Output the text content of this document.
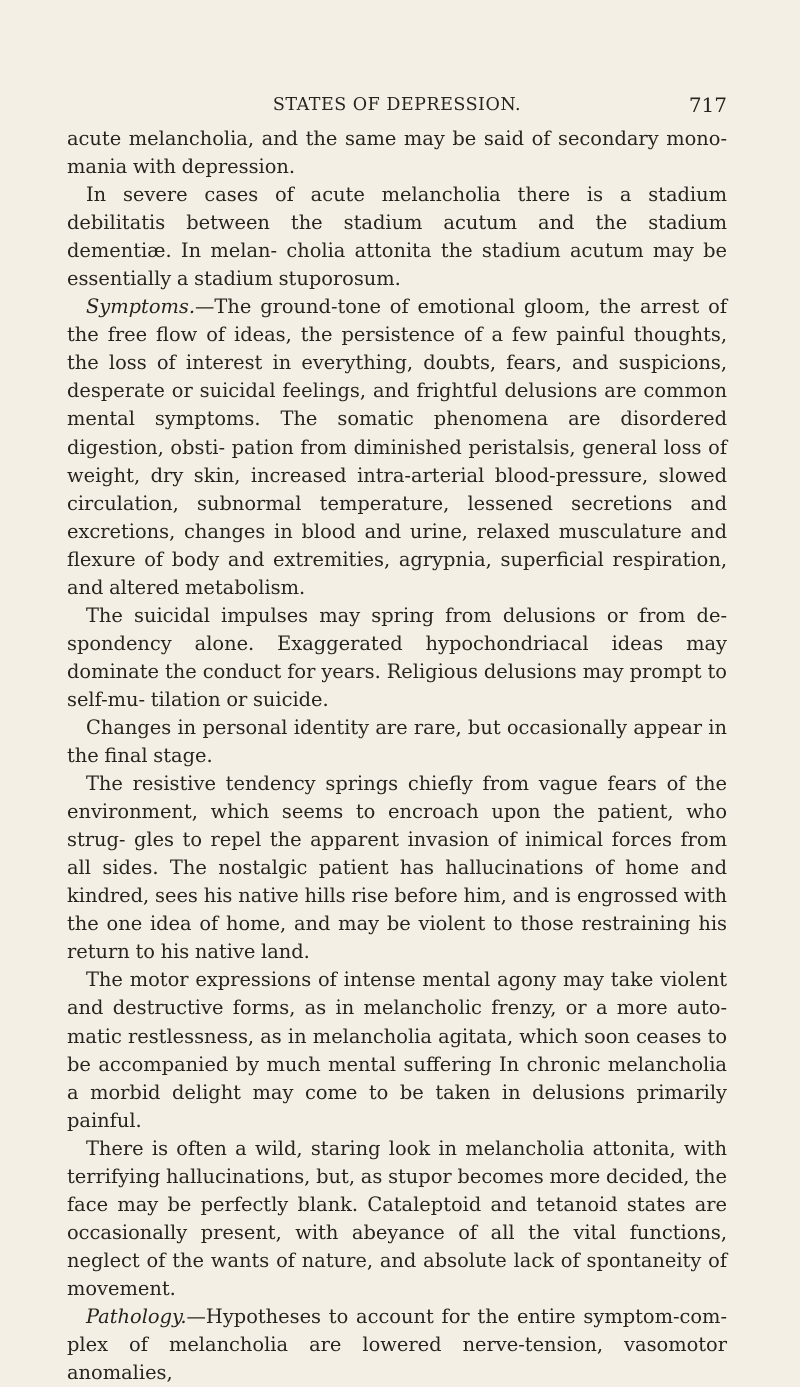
STATES OF DEPRESSION.	717

acute melancholia, and the same may be said of secondary mono- mania with depression.

In severe cases of acute melancholia there is a stadium debilitatis between the stadium acutum and the stadium dementiæ. In melan- cholia attonita the stadium acutum may be essentially a stadium stuporosum.

Symptoms.—The ground-tone of emotional gloom, the arrest of the free flow of ideas, the persistence of a few painful thoughts, the loss of interest in everything, doubts, fears, and suspicions, desperate or suicidal feelings, and frightful delusions are common mental symptoms. The somatic phenomena are disordered digestion, obsti- pation from diminished peristalsis, general loss of weight, dry skin, increased intra-arterial blood-pressure, slowed circulation, subnormal temperature, lessened secretions and excretions, changes in blood and urine, relaxed musculature and flexure of body and extremities, agrypnia, superficial respiration, and altered metabolism.

The suicidal impulses may spring from delusions or from de- spondency alone. Exaggerated hypochondriacal ideas may dominate the conduct for years. Religious delusions may prompt to self-mu- tilation or suicide.

Changes in personal identity are rare, but occasionally appear in the final stage.

The resistive tendency springs chiefly from vague fears of the environment, which seems to encroach upon the patient, who strug- gles to repel the apparent invasion of inimical forces from all sides. The nostalgic patient has hallucinations of home and kindred, sees his native hills rise before him, and is engrossed with the one idea of home, and may be violent to those restraining his return to his native land.

The motor expressions of intense mental agony may take violent and destructive forms, as in melancholic frenzy, or a more auto- matic restlessness, as in melancholia agitata, which soon ceases to be accompanied by much mental suffering In chronic melancholia a morbid delight may come to be taken in delusions primarily painful.

There is often a wild, staring look in melancholia attonita, with terrifying hallucinations, but, as stupor becomes more decided, the face may be perfectly blank. Cataleptoid and tetanoid states are occasionally present, with abeyance of all the vital functions, neglect of the wants of nature, and absolute lack of spontaneity of movement.

Pathology.—Hypotheses to account for the entire symptom-com- plex of melancholia are lowered nerve-tension, vasomotor anomalies,
